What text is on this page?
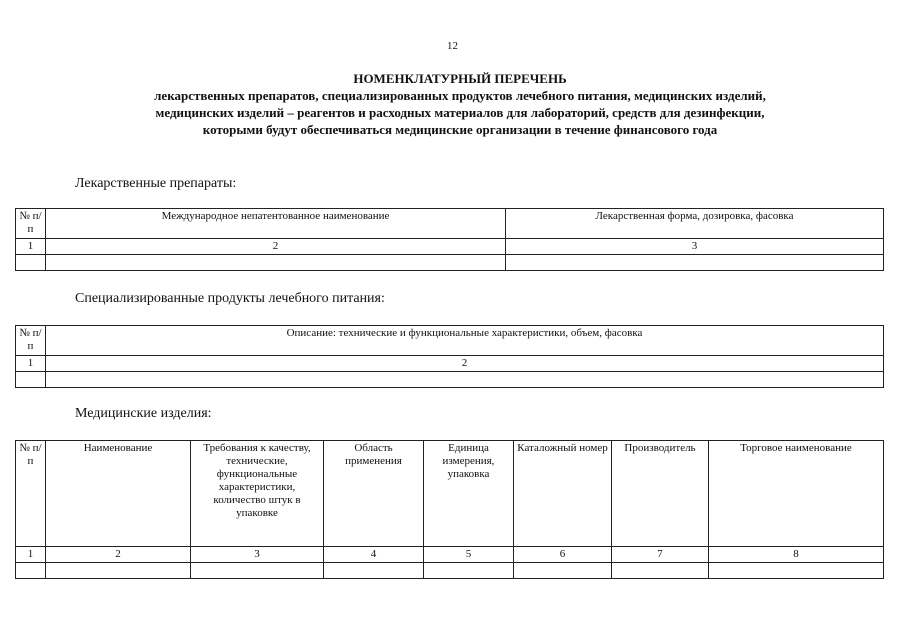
12
НОМЕНКЛАТУРНЫЙ ПЕРЕЧЕНЬ
лекарственных препаратов, специализированных продуктов лечебного питания, медицинских изделий,
медицинских изделий – реагентов и расходных материалов для лабораторий, средств для дезинфекции,
которыми будут обеспечиваться медицинские организации в течение финансового года
Лекарственные препараты:
№ п/п	Международное непатентованное наименование	Лекарственная форма, дозировка, фасовка
1	2	3

Специализированные продукты лечебного питания:
№ п/п	Описание: технические и функциональные характеристики, объем, фасовка
1	2

Медицинские изделия:
№ п/п	Наименование	Требования к качеству, технические, функциональные характеристики, количество штук в упаковке	Область применения	Единица измерения, упаковка	Каталожный номер	Производитель	Торговое наименование
1	2	3	4	5	6	7	8
